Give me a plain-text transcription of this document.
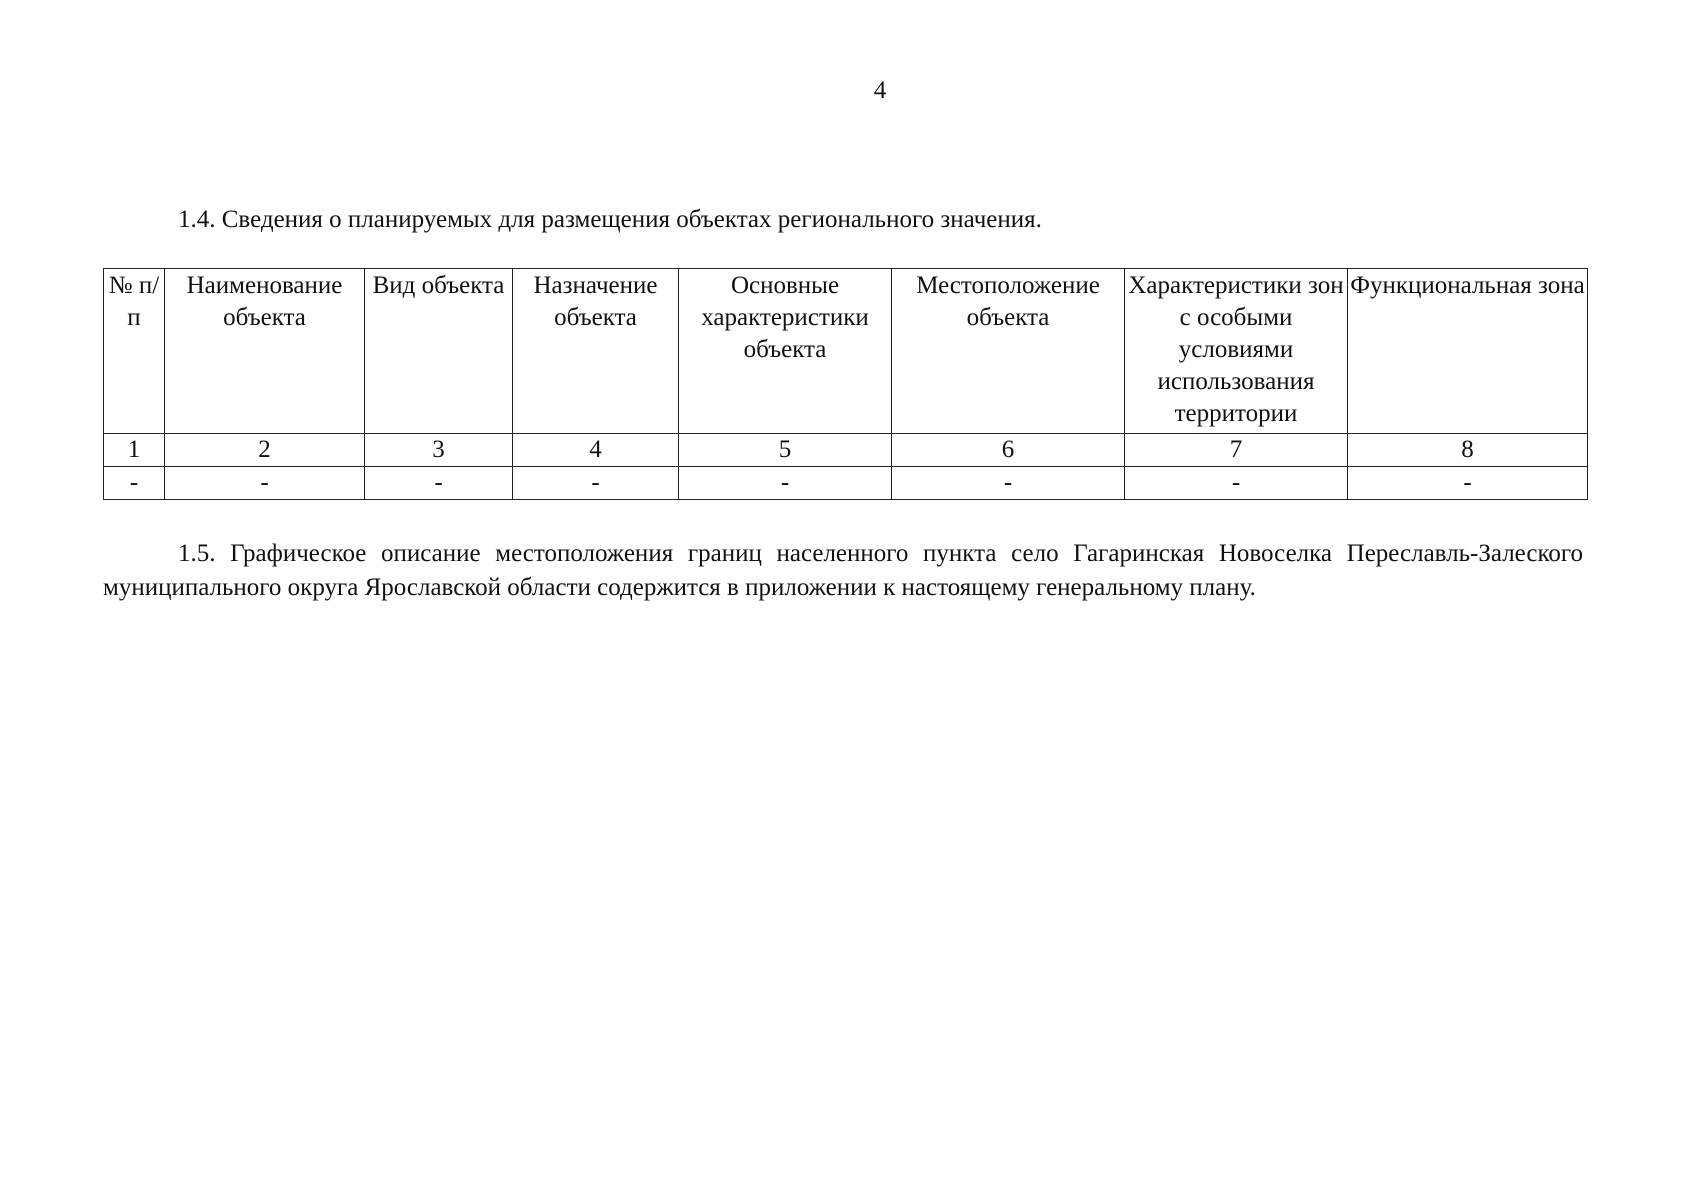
4
1.4. Сведения о планируемых для размещения объектах регионального значения.
№ п/п	Наименование объекта	Вид объекта	Назначение объекта	Основные характеристики объекта	Местоположение объекта	Характеристики зон с особыми условиями использования территории	Функциональная зона
1	2	3	4	5	6	7	8
-	-	-	-	-	-	-	-

1.5. Графическое описание местоположения границ населенного пункта село Гагаринская Новоселка Переславль-Залеского муниципального округа Ярославской области содержится в приложении к настоящему генеральному плану.
